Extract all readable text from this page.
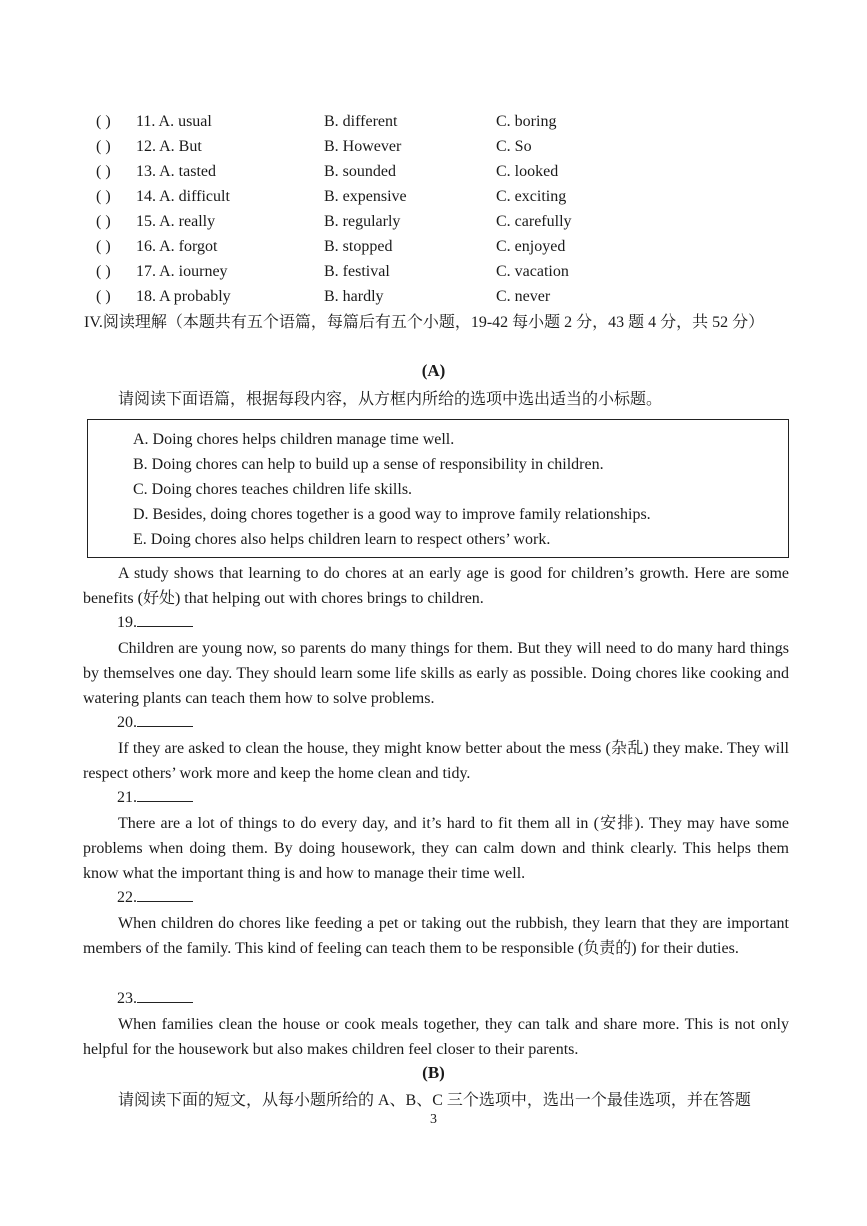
( ) 11. A. usual	B. different	C. boring
( ) 12. A. But	B. However	C. So
( ) 13. A. tasted	B. sounded	C. looked
( ) 14. A. difficult	B. expensive	C. exciting
( ) 15. A. really	B. regularly	C. carefully
( ) 16. A. forgot	B. stopped	C. enjoyed
( ) 17. A. iourney	B. festival	C. vacation
( ) 18. A probably	B. hardly	C. never
IV.阅读理解（本题共有五个语篇，每篇后有五个小题，19-42 每小题 2 分，43 题 4 分，共 52 分）
(A)
请阅读下面语篇，根据每段内容，从方框内所给的选项中选出适当的小标题。
A. Doing chores helps children manage time well.
B. Doing chores can help to build up a sense of responsibility in children.
C. Doing chores teaches children life skills.
D. Besides, doing chores together is a good way to improve family relationships.
E. Doing chores also helps children learn to respect others’ work.
A study shows that learning to do chores at an early age is good for children’s growth. Here are some benefits (好处) that helping out with chores brings to children.
19.
Children are young now, so parents do many things for them. But they will need to do many hard things by themselves one day. They should learn some life skills as early as possible. Doing chores like cooking and watering plants can teach them how to solve problems.
20.
If they are asked to clean the house, they might know better about the mess (杂乱) they make. They will respect others’ work more and keep the home clean and tidy.
21.
There are a lot of things to do every day, and it’s hard to fit them all in (安排). They may have some problems when doing them. By doing housework, they can calm down and think clearly. This helps them know what the important thing is and how to manage their time well.
22.
When children do chores like feeding a pet or taking out the rubbish, they learn that they are important members of the family. This kind of feeling can teach them to be responsible (负责的) for their duties.
23.
When families clean the house or cook meals together, they can talk and share more. This is not only helpful for the housework but also makes children feel closer to their parents.
(B)
请阅读下面的短文，从每小题所给的 A、B、C 三个选项中，选出一个最佳选项，并在答题
3
